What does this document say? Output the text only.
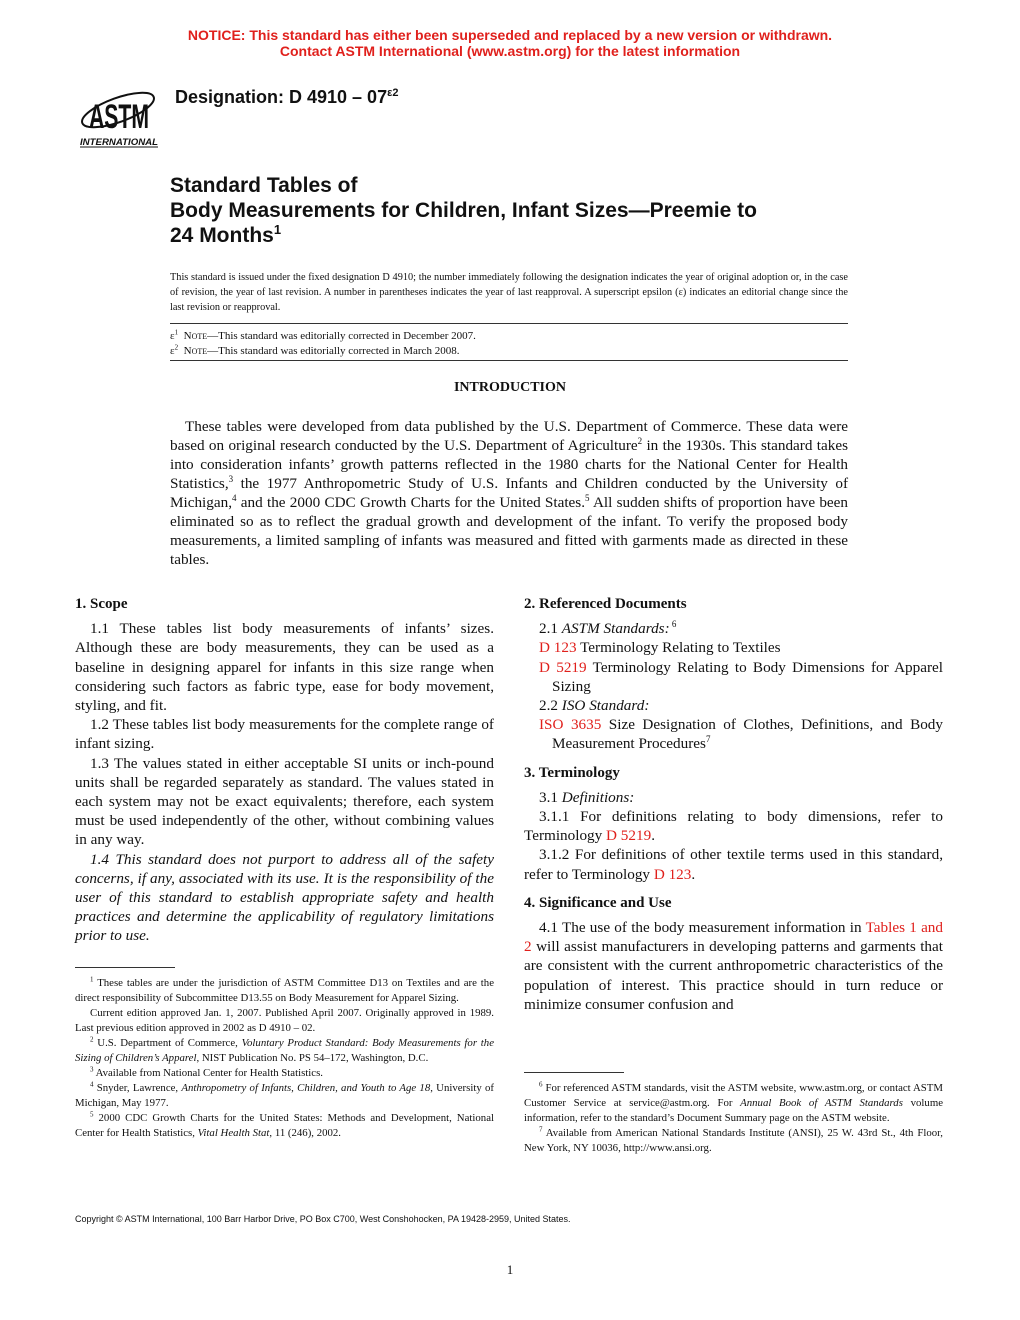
NOTICE: This standard has either been superseded and replaced by a new version or withdrawn.
Contact ASTM International (www.astm.org) for the latest information
ASTM
INTERNATIONAL
Designation: D $4910 - 07^{\varepsilon 2}$
Standard Tables of
Body Measurements for Children, Infant Sizes—Preemie to
24 Months$^1$
This standard is issued under the fixed designation D 4910; the number immediately following the designation indicates the year of original adoption or, in the case of revision, the year of last revision. A number in parentheses indicates the year of last reapproval. A superscript epsilon (ε) indicates an editorial change since the last revision or reapproval.
$\varepsilon^1$ Note—This standard was editorially corrected in December 2007.
$\varepsilon^2$ Note—This standard was editorially corrected in March 2008.
INTRODUCTION
These tables were developed from data published by the U.S. Department of Commerce. These data were based on original research conducted by the U.S. Department of Agriculture$^2$ in the 1930s. This standard takes into consideration infants’ growth patterns reflected in the 1980 charts for the National Center for Health Statistics,$^3$ the 1977 Anthropometric Study of U.S. Infants and Children conducted by the University of Michigan,$^4$ and the 2000 CDC Growth Charts for the United States.$^5$ All sudden shifts of proportion have been eliminated so as to reflect the gradual growth and development of the infant. To verify the proposed body measurements, a limited sampling of infants was measured and fitted with garments made as directed in these tables.
1. Scope

1.1 These tables list body measurements of infants’ sizes. Although these are body measurements, they can be used as a baseline in designing apparel for infants in this size range when considering such factors as fabric type, ease for body movement, styling, and fit.

1.2 These tables list body measurements for the complete range of infant sizing.

1.3 The values stated in either acceptable SI units or inch-pound units shall be regarded separately as standard. The values stated in each system may not be exact equivalents; therefore, each system must be used independently of the other, without combining values in any way.

1.4 This standard does not purport to address all of the safety concerns, if any, associated with its use. It is the responsibility of the user of this standard to establish appropriate safety and health practices and determine the applicability of regulatory limitations prior to use.

2. Referenced Documents

2.1 ASTM Standards: $^6$

D 123 Terminology Relating to Textiles

D 5219 Terminology Relating to Body Dimensions for Apparel Sizing

2.2 ISO Standard:

ISO 3635 Size Designation of Clothes, Definitions, and Body Measurement Procedures$^7$

3. Terminology

3.1 Definitions:

3.1.1 For definitions relating to body dimensions, refer to Terminology D 5219.

3.1.2 For definitions of other textile terms used in this standard, refer to Terminology D 123.

4. Significance and Use

4.1 The use of the body measurement information in Tables 1 and 2 will assist manufacturers in developing patterns and garments that are consistent with the current anthropometric characteristics of the population of interest. This practice should in turn reduce or minimize consumer confusion and

$^1$ These tables are under the jurisdiction of ASTM Committee D13 on Textiles and are the direct responsibility of Subcommittee D13.55 on Body Measurement for Apparel Sizing.

Current edition approved Jan. 1, 2007. Published April 2007. Originally approved in 1989. Last previous edition approved in 2002 as D 4910 – 02.

$^2$ U.S. Department of Commerce, Voluntary Product Standard: Body Measurements for the Sizing of Children’s Apparel, NIST Publication No. PS 54–172, Washington, D.C.

$^3$ Available from National Center for Health Statistics.

$^4$ Snyder, Lawrence, Anthropometry of Infants, Children, and Youth to Age 18, University of Michigan, May 1977.

$^5$ 2000 CDC Growth Charts for the United States: Methods and Development, National Center for Health Statistics, Vital Health Stat, 11 (246), 2002.

$^6$ For referenced ASTM standards, visit the ASTM website, www.astm.org, or contact ASTM Customer Service at service@astm.org. For Annual Book of ASTM Standards volume information, refer to the standard’s Document Summary page on the ASTM website.

$^7$ Available from American National Standards Institute (ANSI), 25 W. 43rd St., 4th Floor, New York, NY 10036, http://www.ansi.org.

Copyright © ASTM International, 100 Barr Harbor Drive, PO Box C700, West Conshohocken, PA 19428-2959, United States.
1
